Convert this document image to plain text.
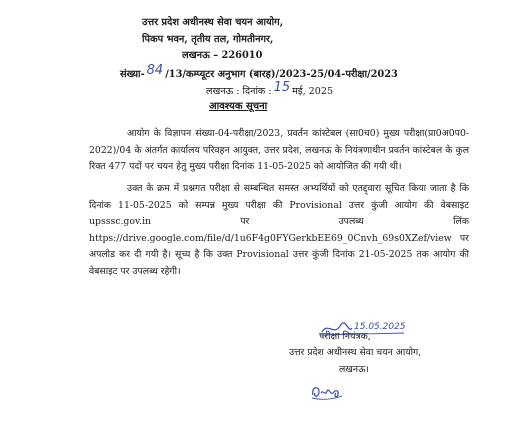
उत्तर प्रदेश अधीनस्थ सेवा चयन आयोग,
पिकप भवन, तृतीय तल, गोमतीनगर,
लखनऊ – 226010
संख्या- 84 /13/कम्प्यूटर अनुभाग (बारह)/2023-25/04-परीक्षा/2023
लखनऊ : दिनांक : 15 मई, 2025
आवश्यक सूचना
आयोग के विज्ञापन संख्या-04-परीक्षा/2023, प्रवर्तन कांस्टेबल (सा0च0) मुख्य परीक्षा(प्रा0अ0प0-2022)/04 के अंतर्गत कार्यालय परिवहन आयुक्त, उत्तर प्रदेश, लखनऊ के नियंत्रणाधीन प्रवर्तन कांस्टेबल के कुल रिक्त 477 पदों पर चयन हेतु मुख्य परीक्षा दिनांक 11-05-2025 को आयोजित की गयी थी।
उक्त के क्रम में प्रश्नगत परीक्षा से सम्बन्धित समस्त अभ्यर्थियों को एतद्द्वारा सूचित किया जाता है कि दिनांक 11-05-2025 को सम्पन्न मुख्य परीक्षा की Provisional उत्तर कुंजी आयोग की वेबसाइट upsssc.gov.in पर उपलब्ध लिंक https://drive.google.com/file/d/1u6F4g0FYGerkbEE69_0Cnvh_69s0XZef/view पर अपलोड कर दी गयी है। सूच्य है कि उक्त Provisional उत्तर कुंजी दिनांक 21-05-2025 तक आयोग की वेबसाइट पर उपलब्ध रहेगी।
15.05.2025
परीक्षा नियंत्रक,
उत्तर प्रदेश अधीनस्थ सेवा चयन आयोग,
लखनऊ।
